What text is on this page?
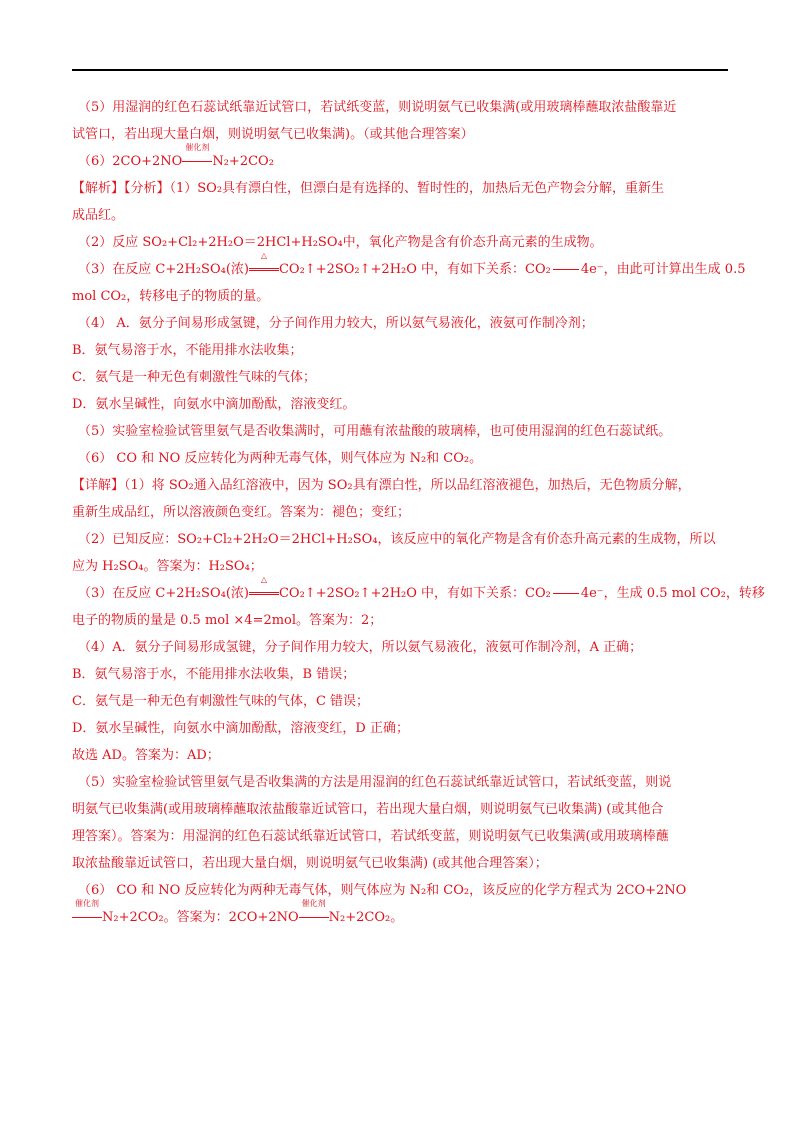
（5）用湿润的红色石蕊试纸靠近试管口，若试纸变蓝，则说明氨气已收集满(或用玻璃棒蘸取浓盐酸靠近
试管口，若出现大量白烟，则说明氨气已收集满)。（或其他合理答案）
（6）2CO+2NO
催化剂
N₂+2CO₂
【解析】【分析】（1）SO₂具有漂白性，但漂白是有选择的、暂时性的，加热后无色产物会分解，重新生
成品红。
（2）反应 SO₂+Cl₂+2H₂O＝2HCl+H₂SO₄中，氧化产物是含有价态升高元素的生成物。
（3）在反应 C+2H₂SO₄(浓)
△
CO₂↑+2SO₂↑+2H₂O 中，有如下关系：CO₂ 4e⁻，由此可计算出生成 0.5
mol CO₂，转移电子的物质的量。
（4） A．氨分子间易形成氢键，分子间作用力较大，所以氨气易液化，液氨可作制冷剂；
B．氨气易溶于水，不能用排水法收集；
C．氨气是一种无色有刺激性气味的气体；
D．氨水呈碱性，向氨水中滴加酚酞，溶液变红。
（5）实验室检验试管里氨气是否收集满时，可用蘸有浓盐酸的玻璃棒，也可使用湿润的红色石蕊试纸。
（6） CO 和 NO 反应转化为两种无毒气体，则气体应为 N₂和 CO₂。
【详解】（1）将 SO₂通入品红溶液中，因为 SO₂具有漂白性，所以品红溶液褪色，加热后，无色物质分解，
重新生成品红，所以溶液颜色变红。答案为：褪色；变红；
（2）已知反应：SO₂+Cl₂+2H₂O＝2HCl+H₂SO₄，该反应中的氧化产物是含有价态升高元素的生成物，所以
应为 H₂SO₄。答案为：H₂SO₄；
（3）在反应 C+2H₂SO₄(浓)
△
CO₂↑+2SO₂↑+2H₂O 中，有如下关系：CO₂ 4e⁻，生成 0.5 mol CO₂，转移
电子的物质的量是 0.5 mol ×4=2mol。答案为：2；
（4）A．氨分子间易形成氢键，分子间作用力较大，所以氨气易液化，液氨可作制冷剂，A 正确；
B．氨气易溶于水，不能用排水法收集，B 错误；
C．氨气是一种无色有刺激性气味的气体，C 错误；
D．氨水呈碱性，向氨水中滴加酚酞，溶液变红，D 正确；
故选 AD。答案为：AD；
（5）实验室检验试管里氨气是否收集满的方法是用湿润的红色石蕊试纸靠近试管口，若试纸变蓝，则说
明氨气已收集满(或用玻璃棒蘸取浓盐酸靠近试管口，若出现大量白烟，则说明氨气已收集满) (或其他合
理答案）。答案为：用湿润的红色石蕊试纸靠近试管口，若试纸变蓝，则说明氨气已收集满(或用玻璃棒蘸
取浓盐酸靠近试管口，若出现大量白烟，则说明氨气已收集满) (或其他合理答案）；
（6） CO 和 NO 反应转化为两种无毒气体，则气体应为 N₂和 CO₂，该反应的化学方程式为 2CO+2NO
催化剂
N₂+2CO₂。答案为：2CO+2NO
催化剂
N₂+2CO₂。
